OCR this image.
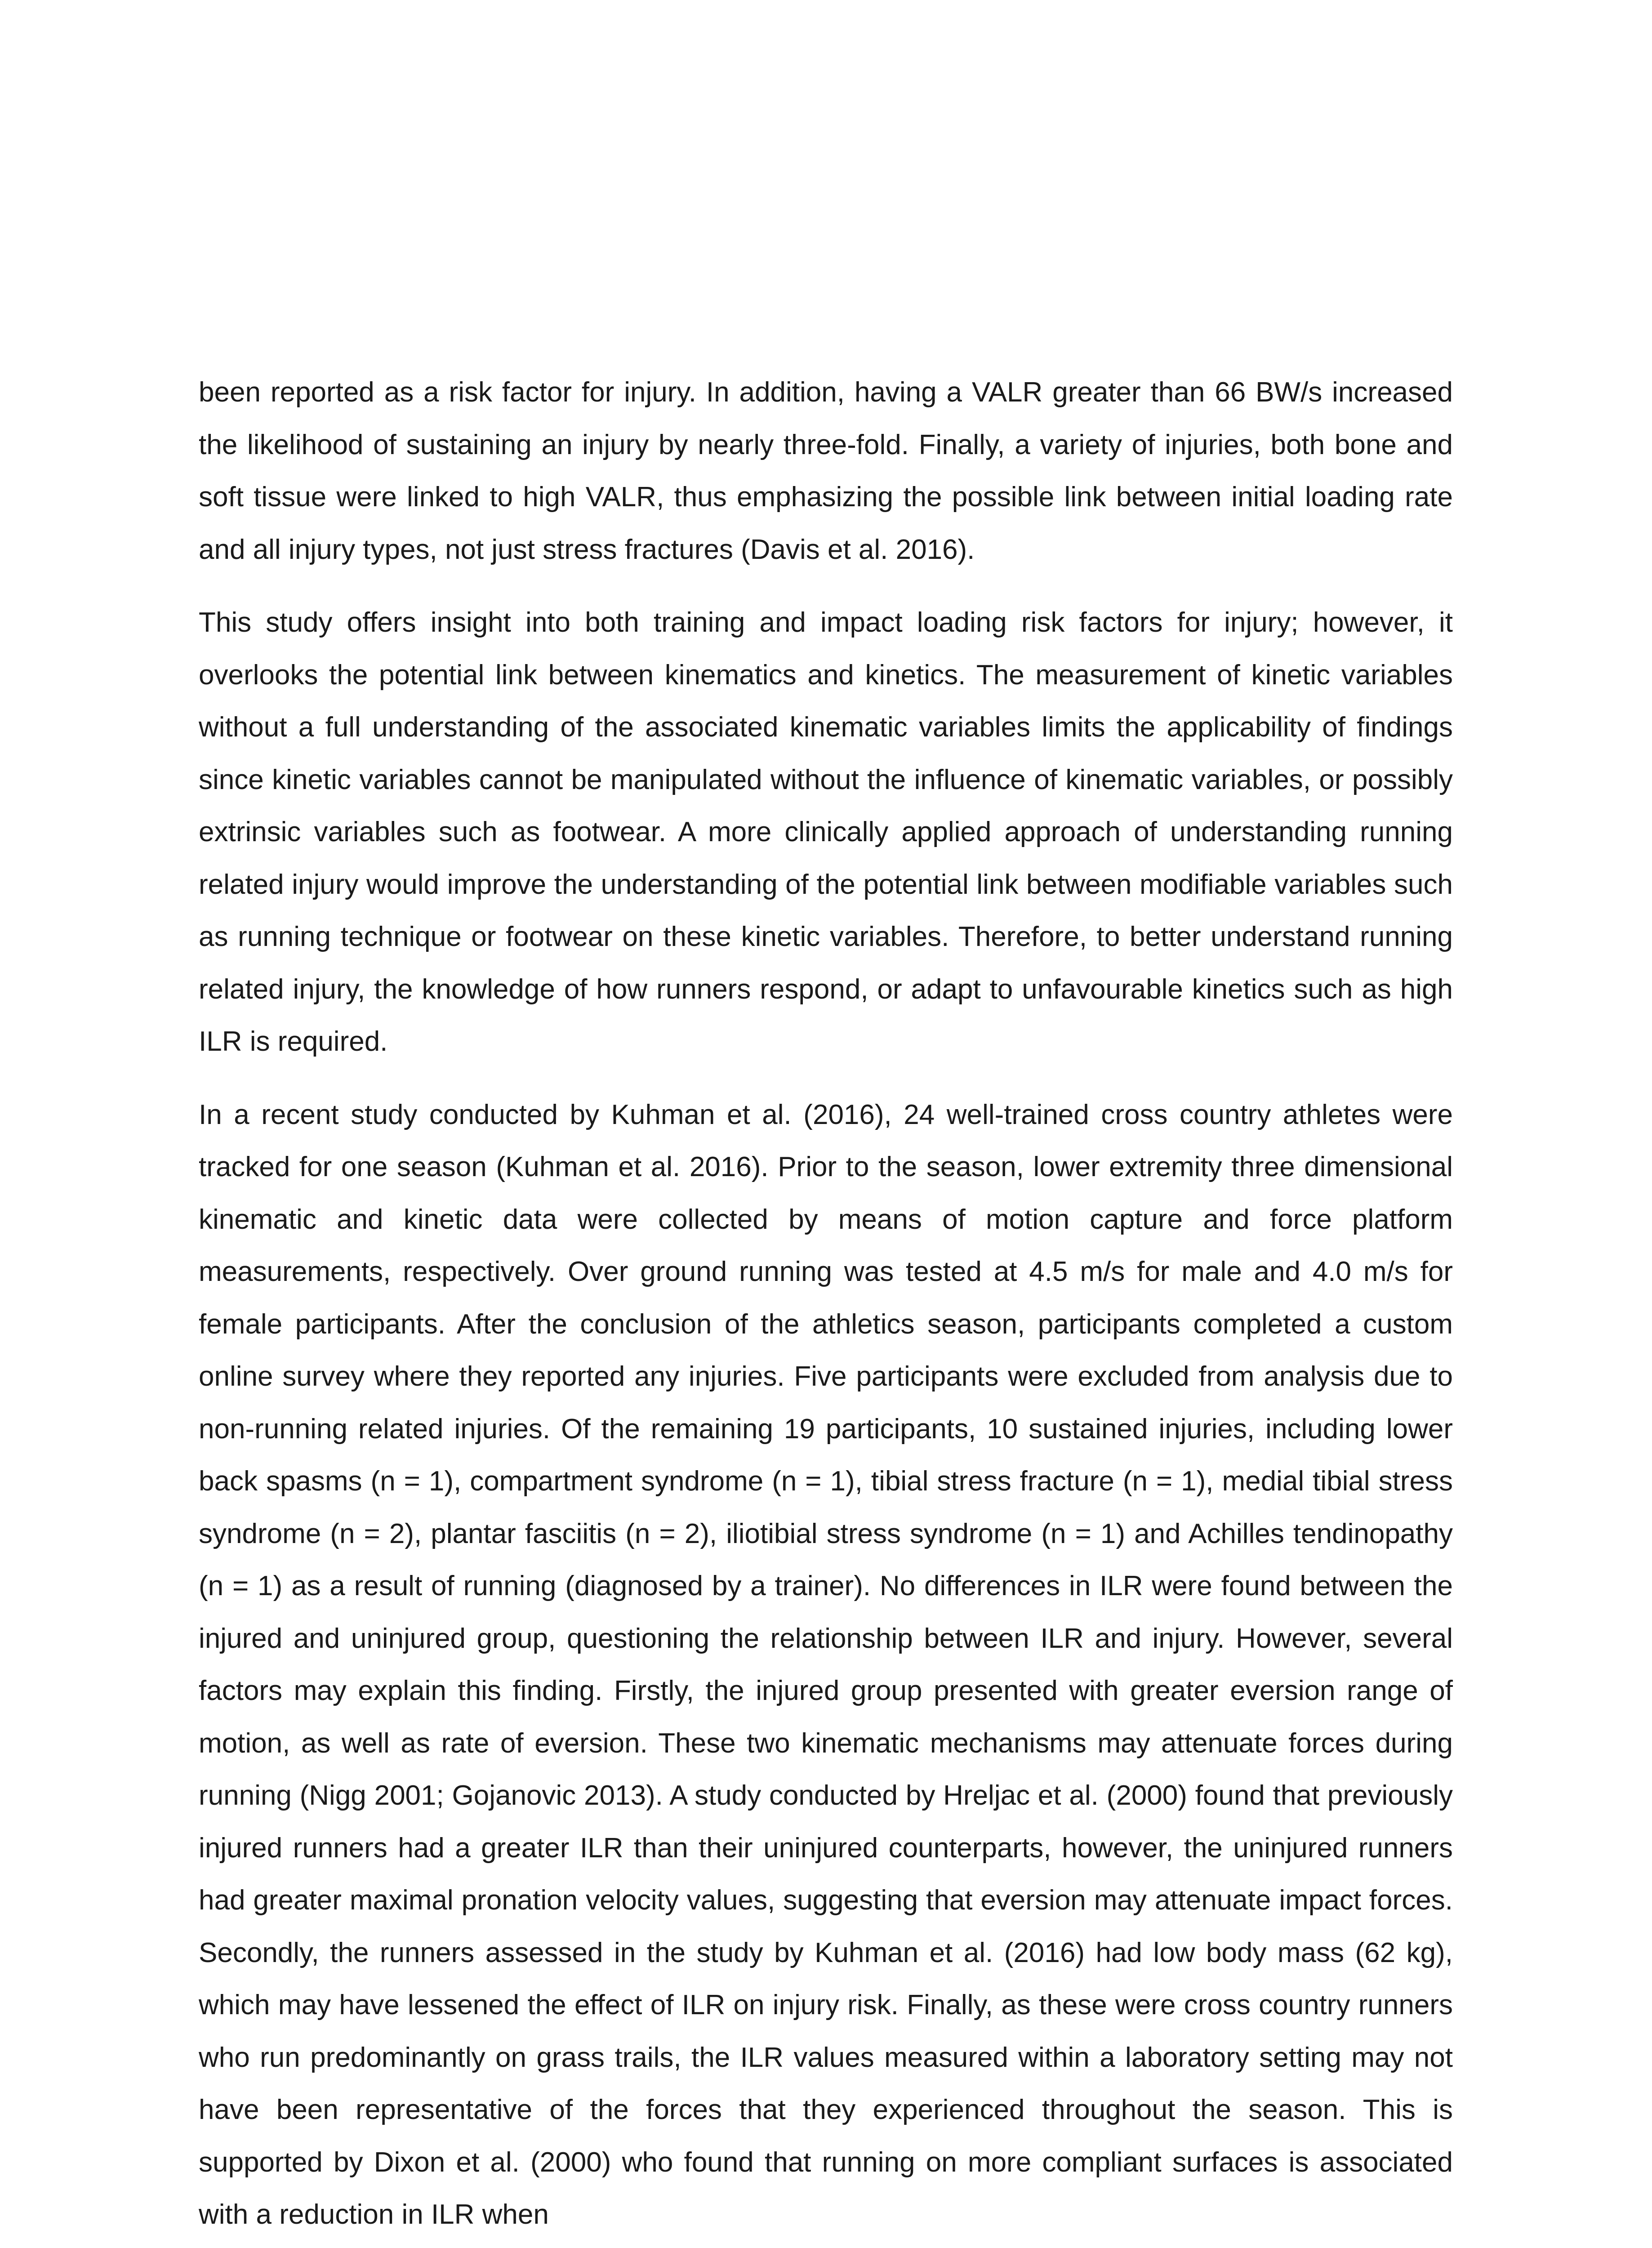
been reported as a risk factor for injury. In addition, having a VALR greater than 66 BW/s increased the likelihood of sustaining an injury by nearly three-fold. Finally, a variety of injuries, both bone and soft tissue were linked to high VALR, thus emphasizing the possible link between initial loading rate and all injury types, not just stress fractures (Davis et al. 2016).

This study offers insight into both training and impact loading risk factors for injury; however, it overlooks the potential link between kinematics and kinetics. The measurement of kinetic variables without a full understanding of the associated kinematic variables limits the applicability of findings since kinetic variables cannot be manipulated without the influence of kinematic variables, or possibly extrinsic variables such as footwear. A more clinically applied approach of understanding running related injury would improve the understanding of the potential link between modifiable variables such as running technique or footwear on these kinetic variables. Therefore, to better understand running related injury, the knowledge of how runners respond, or adapt to unfavourable kinetics such as high ILR is required.

In a recent study conducted by Kuhman et al. (2016), 24 well-trained cross country athletes were tracked for one season (Kuhman et al. 2016). Prior to the season, lower extremity three dimensional kinematic and kinetic data were collected by means of motion capture and force platform measurements, respectively. Over ground running was tested at 4.5 m/s for male and 4.0 m/s for female participants. After the conclusion of the athletics season, participants completed a custom online survey where they reported any injuries. Five participants were excluded from analysis due to non-running related injuries. Of the remaining 19 participants, 10 sustained injuries, including lower back spasms (n = 1), compartment syndrome (n = 1), tibial stress fracture (n = 1), medial tibial stress syndrome (n = 2), plantar fasciitis (n = 2), iliotibial stress syndrome (n = 1) and Achilles tendinopathy (n = 1) as a result of running (diagnosed by a trainer). No differences in ILR were found between the injured and uninjured group, questioning the relationship between ILR and injury. However, several factors may explain this finding. Firstly, the injured group presented with greater eversion range of motion, as well as rate of eversion. These two kinematic mechanisms may attenuate forces during running (Nigg 2001; Gojanovic 2013). A study conducted by Hreljac et al. (2000) found that previously injured runners had a greater ILR than their uninjured counterparts, however, the uninjured runners had greater maximal pronation velocity values, suggesting that eversion may attenuate impact forces. Secondly, the runners assessed in the study by Kuhman et al. (2016) had low body mass (62 kg), which may have lessened the effect of ILR on injury risk. Finally, as these were cross country runners who run predominantly on grass trails, the ILR values measured within a laboratory setting may not have been representative of the forces that they experienced throughout the season. This is supported by Dixon et al. (2000) who found that running on more compliant surfaces is associated with a reduction in ILR when
